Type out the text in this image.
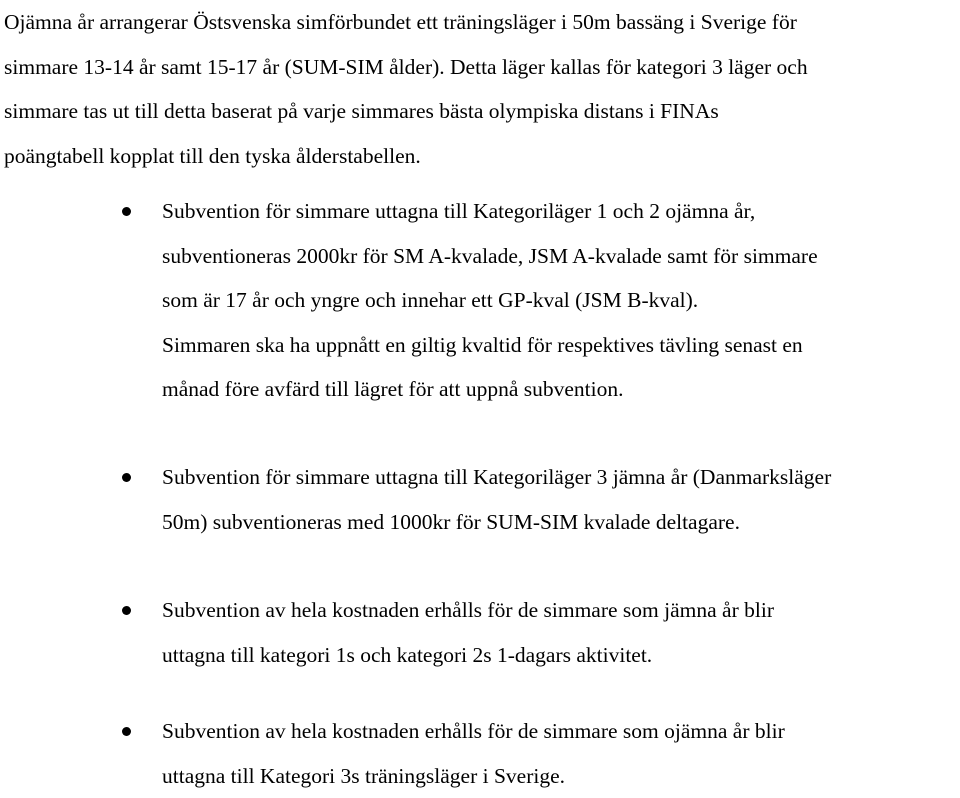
Ojämna år arrangerar Östsvenska simförbundet ett träningsläger i 50m bassäng i Sverige för
simmare 13-14 år samt 15-17 år (SUM-SIM ålder). Detta läger kallas för kategori 3 läger och
simmare tas ut till detta baserat på varje simmares bästa olympiska distans i FINAs
poängtabell kopplat till den tyska ålderstabellen.

Subvention för simmare uttagna till Kategoriläger 1 och 2 ojämna år,
subventioneras 2000kr för SM A-kvalade, JSM A-kvalade samt för simmare
som är 17 år och yngre och innehar ett GP-kval (JSM B-kval).
Simmaren ska ha uppnått en giltig kvaltid för respektives tävling senast en
månad före avfärd till lägret för att uppnå subvention.

Subvention för simmare uttagna till Kategoriläger 3 jämna år (Danmarksläger
50m) subventioneras med 1000kr för SUM-SIM kvalade deltagare.

Subvention av hela kostnaden erhålls för de simmare som jämna år blir
uttagna till kategori 1s och kategori 2s 1-dagars aktivitet.

Subvention av hela kostnaden erhålls för de simmare som ojämna år blir
uttagna till Kategori 3s träningsläger i Sverige.
